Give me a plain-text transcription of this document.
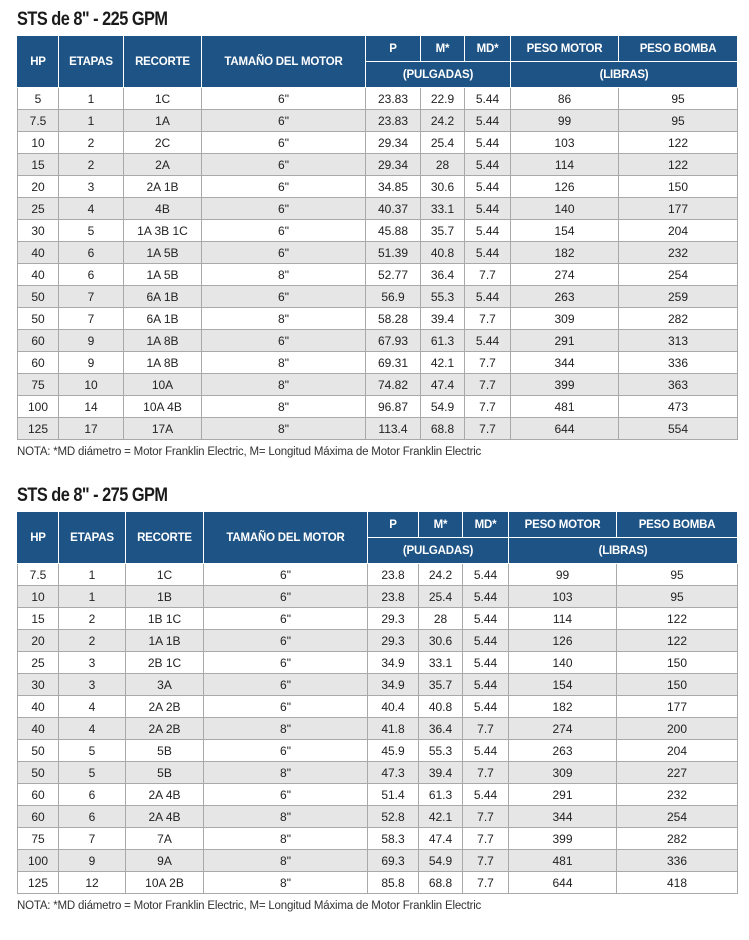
STS de 8" - 225 GPM
HP	ETAPAS	RECORTE	TAMAÑO DEL MOTOR	P	M*	MD*	PESO MOTOR	PESO BOMBA
				(PULGADAS)			(LIBRAS)	
5	1	1C	6"	23.83	22.9	5.44	86	95
7.5	1	1A	6"	23.83	24.2	5.44	99	95
10	2	2C	6"	29.34	25.4	5.44	103	122
15	2	2A	6"	29.34	28	5.44	114	122
20	3	2A 1B	6"	34.85	30.6	5.44	126	150
25	4	4B	6"	40.37	33.1	5.44	140	177
30	5	1A 3B 1C	6"	45.88	35.7	5.44	154	204
40	6	1A 5B	6"	51.39	40.8	5.44	182	232
40	6	1A 5B	8"	52.77	36.4	7.7	274	254
50	7	6A 1B	6"	56.9	55.3	5.44	263	259
50	7	6A 1B	8"	58.28	39.4	7.7	309	282
60	9	1A 8B	6"	67.93	61.3	5.44	291	313
60	9	1A 8B	8"	69.31	42.1	7.7	344	336
75	10	10A	8"	74.82	47.4	7.7	399	363
100	14	10A 4B	8"	96.87	54.9	7.7	481	473
125	17	17A	8"	113.4	68.8	7.7	644	554
NOTA: *MD diámetro = Motor Franklin Electric, M= Longitud Máxima de Motor Franklin Electric
STS de 8" - 275 GPM
HP	ETAPAS	RECORTE	TAMAÑO DEL MOTOR	P	M*	MD*	PESO MOTOR	PESO BOMBA
				(PULGADAS)			(LIBRAS)	
7.5	1	1C	6"	23.8	24.2	5.44	99	95
10	1	1B	6"	23.8	25.4	5.44	103	95
15	2	1B 1C	6"	29.3	28	5.44	114	122
20	2	1A 1B	6"	29.3	30.6	5.44	126	122
25	3	2B 1C	6"	34.9	33.1	5.44	140	150
30	3	3A	6"	34.9	35.7	5.44	154	150
40	4	2A 2B	6"	40.4	40.8	5.44	182	177
40	4	2A 2B	8"	41.8	36.4	7.7	274	200
50	5	5B	6"	45.9	55.3	5.44	263	204
50	5	5B	8"	47.3	39.4	7.7	309	227
60	6	2A 4B	6"	51.4	61.3	5.44	291	232
60	6	2A 4B	8"	52.8	42.1	7.7	344	254
75	7	7A	8"	58.3	47.4	7.7	399	282
100	9	9A	8"	69.3	54.9	7.7	481	336
125	12	10A 2B	8"	85.8	68.8	7.7	644	418
NOTA: *MD diámetro = Motor Franklin Electric, M= Longitud Máxima de Motor Franklin Electric
